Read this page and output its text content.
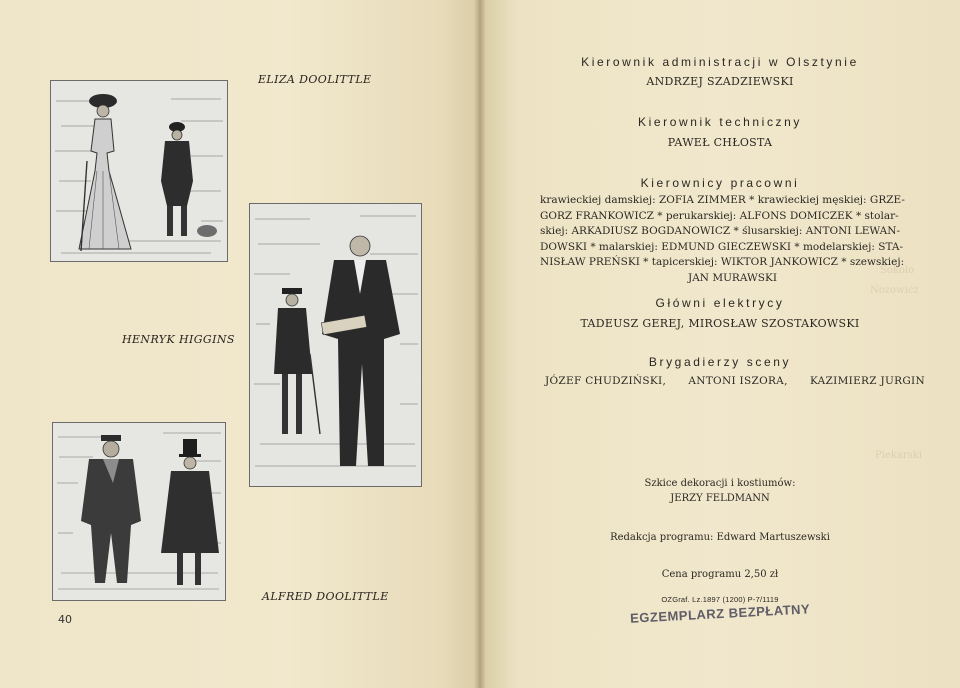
ELIZA DOOLITTLE
HENRYK HIGGINS
ALFRED DOOLITTLE
40
Sokolo
Nozowicz
Piekarski
Kierownik administracji w Olsztynie
ANDRZEJ SZADZIEWSKI
Kierownik techniczny
PAWEŁ CHŁOSTA
Kierownicy pracowni
krawieckiej damskiej: ZOFIA ZIMMER * krawieckiej męskiej: GRZE-
GORZ FRANKOWICZ * perukarskiej: ALFONS DOMICZEK * stolar-
skiej: ARKADIUSZ BOGDANOWICZ * ślusarskiej: ANTONI LEWAN-
DOWSKI * malarskiej: EDMUND GIECZEWSKI * modelarskiej: STA-
NISŁAW PREŃSKI * tapicerskiej: WIKTOR JANKOWICZ * szewskiej:
JAN MURAWSKI
Główni elektrycy
TADEUSZ GEREJ, MIROSŁAW SZOSTAKOWSKI
Brygadierzy sceny
JÓZEF CHUDZIŃSKI, ANTONI ISZORA, KAZIMIERZ JURGIN
Szkice dekoracji i kostiumów:
JERZY FELDMANN
Redakcja programu: Edward Martuszewski
Cena programu 2,50 zł
OZGraf. Lz.1897 (1200) P-7/1119
EGZEMPLARZ BEZPŁATNY
